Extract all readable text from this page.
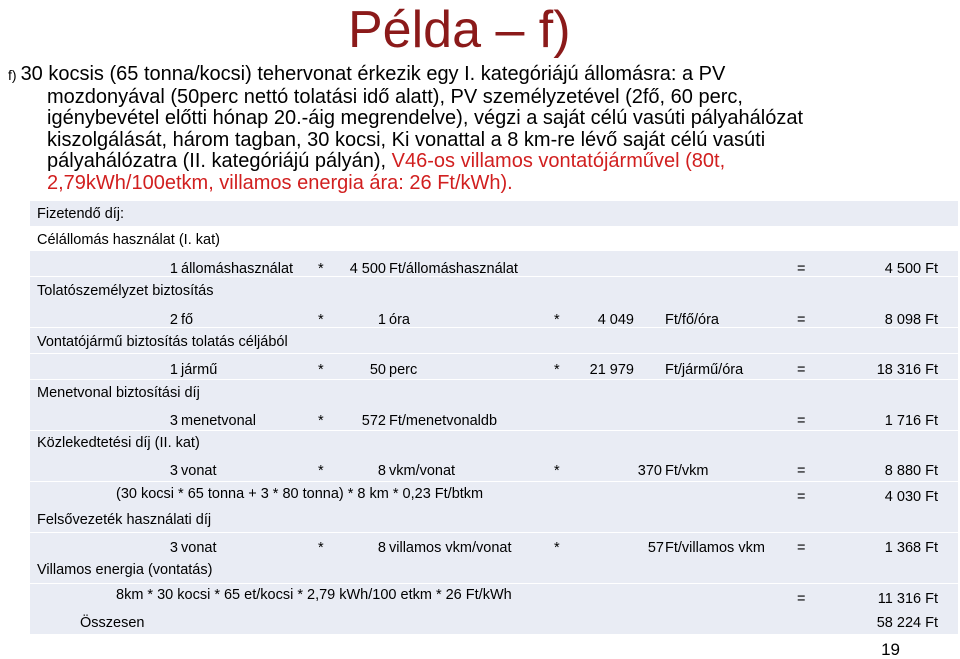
Példa – f)
f) 30 kocsis (65 tonna/kocsi) tehervonat érkezik egy I. kategóriájú állomásra: a PV
mozdonyával (50perc nettó tolatási idő alatt), PV személyzetével (2fő, 60 perc,
igénybevétel előtti hónap 20.-áig megrendelve), végzi a saját célú vasúti pályahálózat
kiszolgálását, három tagban, 30 kocsi, Ki vonattal a 8 km-re lévő saját célú vasúti
pályahálózatra (II. kategóriájú pályán), V46-os villamos vontatójárművel (80t,
2,79kWh/100etkm, villamos energia ára: 26 Ft/kWh).
Fizetendő díj:
Célállomás használat (I. kat)
1 állomáshasználat *	4 500 Ft/állomáshasználat	=	4 500 Ft
Tolatószemélyzet biztosítás
2 fő	*	1 óra	*	4 049 Ft/fő/óra	=	8 098 Ft
Vontatójármű biztosítás tolatás céljából
1 jármű	*	50 perc	*	21 979 Ft/jármű/óra	=	18 316 Ft
Menetvonal biztosítási díj
3 menetvonal	*	572 Ft/menetvonaldb	=	1 716 Ft
Közlekedtetési díj (II. kat)
3 vonat	*	8 vkm/vonat	*	370 Ft/vkm	=	8 880 Ft
(30 kocsi * 65 tonna + 3 * 80 tonna) * 8 km * 0,23 Ft/btkm	=	4 030 Ft
Felsővezeték használati díj
3 vonat	*	8 villamos vkm/vonat	*	57 Ft/villamos vkm =	1 368 Ft
Villamos energia (vontatás)
8km * 30 kocsi * 65 et/kocsi * 2,79 kWh/100 etkm * 26 Ft/kWh	=	11 316 Ft
Összesen	58 224 Ft
19
